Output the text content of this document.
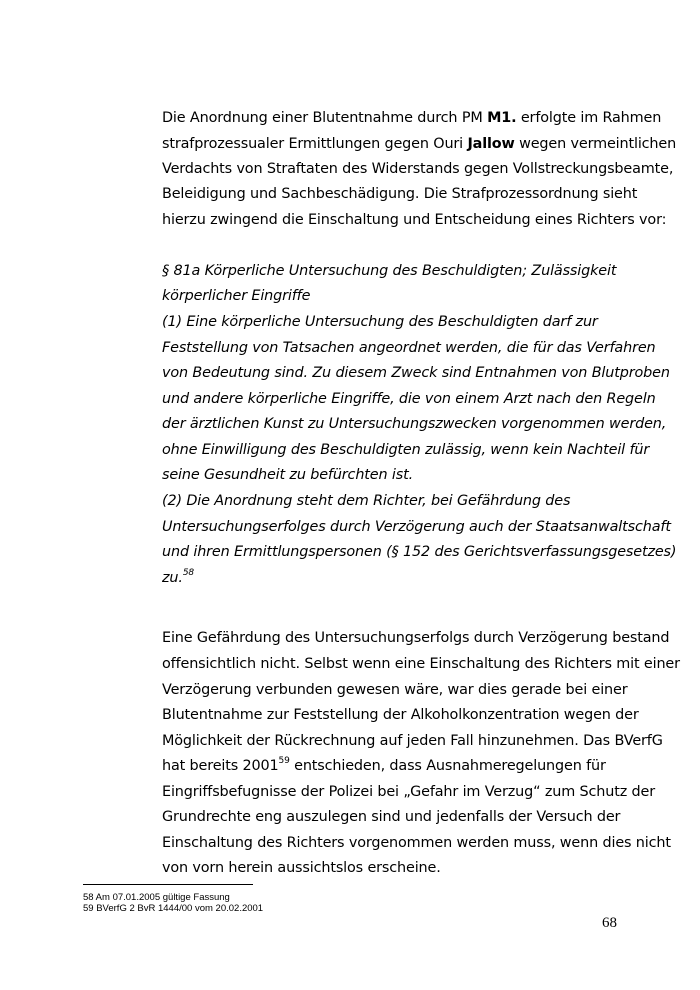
Die Anordnung einer Blutentnahme durch PM M1. erfolgte im Rahmen
strafprozessualer Ermittlungen gegen Ouri Jallow wegen vermeintlichen
Verdachts von Straftaten des Widerstands gegen Vollstreckungsbeamte,
Beleidigung und Sachbeschädigung. Die Strafprozessordnung sieht
hierzu zwingend die Einschaltung und Entscheidung eines Richters vor:
§ 81a Körperliche Untersuchung des Beschuldigten; Zulässigkeit
körperlicher Eingriffe
(1) Eine körperliche Untersuchung des Beschuldigten darf zur
Feststellung von Tatsachen angeordnet werden, die für das Verfahren
von Bedeutung sind. Zu diesem Zweck sind Entnahmen von Blutproben
und andere körperliche Eingriffe, die von einem Arzt nach den Regeln
der ärztlichen Kunst zu Untersuchungszwecken vorgenommen werden,
ohne Einwilligung des Beschuldigten zulässig, wenn kein Nachteil für
seine Gesundheit zu befürchten ist.
(2) Die Anordnung steht dem Richter, bei Gefährdung des
Untersuchungserfolges durch Verzögerung auch der Staatsanwaltschaft
und ihren Ermittlungspersonen (§ 152 des Gerichtsverfassungsgesetzes)
zu.$^{58}$
Eine Gefährdung des Untersuchungserfolgs durch Verzögerung bestand
offensichtlich nicht. Selbst wenn eine Einschaltung des Richters mit einer
Verzögerung verbunden gewesen wäre, war dies gerade bei einer
Blutentnahme zur Feststellung der Alkoholkonzentration wegen der
Möglichkeit der Rückrechnung auf jeden Fall hinzunehmen. Das BVerfG
hat bereits 2001$^{59}$ entschieden, dass Ausnahmeregelungen für
Eingriffsbefugnisse der Polizei bei „Gefahr im Verzug“ zum Schutz der
Grundrechte eng auszulegen sind und jedenfalls der Versuch der
Einschaltung des Richters vorgenommen werden muss, wenn dies nicht
von vorn herein aussichtslos erscheine.
58 Am 07.01.2005 gültige Fassung
59 BVerfG 2 BvR 1444/00 vom 20.02.2001
68
